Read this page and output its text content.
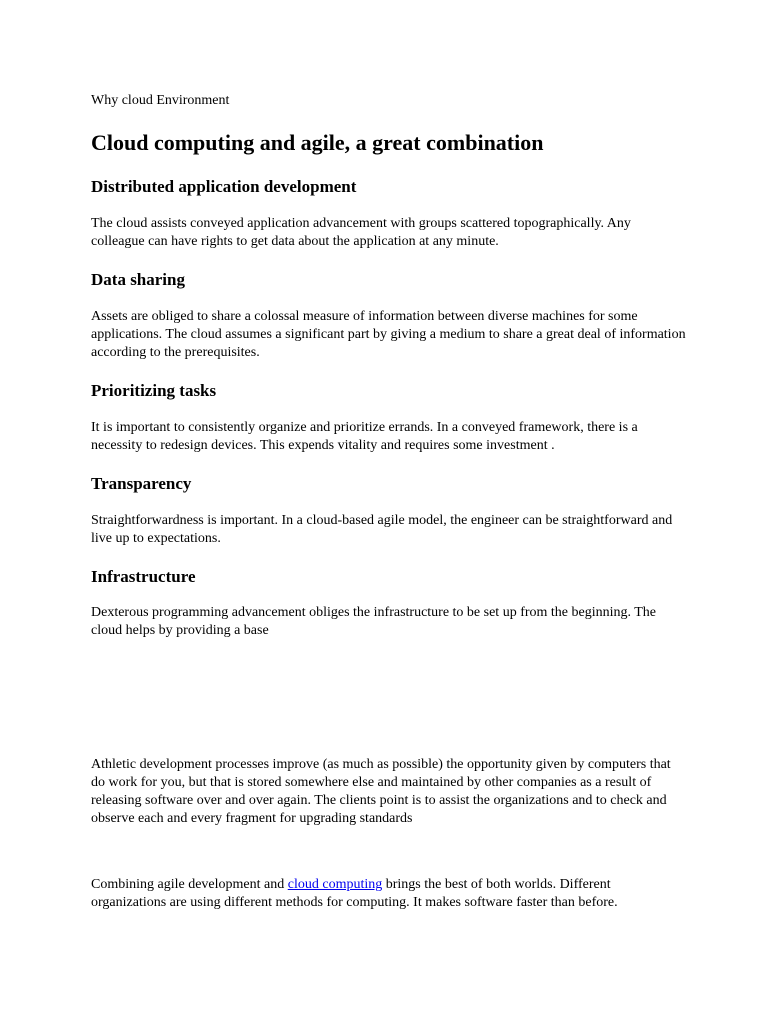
Why cloud Environment
Cloud computing and agile, a great combination
Distributed application development

The cloud assists conveyed application advancement with groups scattered topographically. Any colleague can have rights to get data about the application at any minute.

Data sharing

Assets are obliged to share a colossal measure of information between diverse machines for some applications. The cloud assumes a significant part by giving a medium to share a great deal of information according to the prerequisites.

Prioritizing tasks

It is important to consistently organize and prioritize errands. In a conveyed framework, there is a necessity to redesign devices. This expends vitality and requires some investment .

Transparency

Straightforwardness is important. In a cloud-based agile model, the engineer can be straightforward and live up to expectations.

Infrastructure

Dexterous programming advancement obliges the infrastructure to be set up from the beginning. The cloud helps by providing a base

Athletic development processes improve (as much as possible) the opportunity given by computers that do work for you, but that is stored somewhere else and maintained by other companies as a result of releasing software over and over again. The clients point is to assist the organizations and to check and observe each and every fragment for upgrading standards

Combining agile development and cloud computing brings the best of both worlds. Different organizations are using different methods for computing. It makes software faster than before.
